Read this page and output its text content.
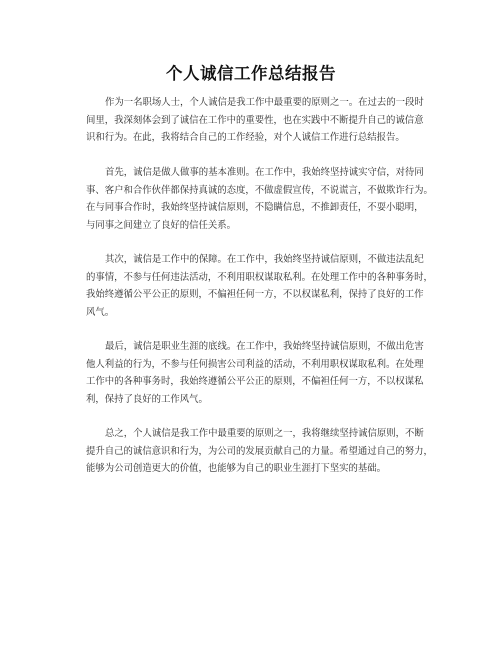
个人诚信工作总结报告

作为一名职场人士，个人诚信是我工作中最重要的原则之一。在过去的一段时
间里，我深刻体会到了诚信在工作中的重要性，也在实践中不断提升自己的诚信意
识和行为。在此，我将结合自己的工作经验，对个人诚信工作进行总结报告。

首先，诚信是做人做事的基本准则。在工作中，我始终坚持诚实守信，对待同
事、客户和合作伙伴都保持真诚的态度，不做虚假宣传，不说谎言，不做欺诈行为。
在与同事合作时，我始终坚持诚信原则，不隐瞒信息，不推卸责任，不耍小聪明，
与同事之间建立了良好的信任关系。

其次，诚信是工作中的保障。在工作中，我始终坚持诚信原则，不做违法乱纪
的事情，不参与任何违法活动，不利用职权谋取私利。在处理工作中的各种事务时，
我始终遵循公平公正的原则，不偏袒任何一方，不以权谋私利，保持了良好的工作
风气。

最后，诚信是职业生涯的底线。在工作中，我始终坚持诚信原则，不做出危害
他人利益的行为，不参与任何损害公司利益的活动，不利用职权谋取私利。在处理
工作中的各种事务时，我始终遵循公平公正的原则，不偏袒任何一方，不以权谋私
利，保持了良好的工作风气。

总之，个人诚信是我工作中最重要的原则之一，我将继续坚持诚信原则，不断
提升自己的诚信意识和行为，为公司的发展贡献自己的力量。希望通过自己的努力，
能够为公司创造更大的价值，也能够为自己的职业生涯打下坚实的基础。
